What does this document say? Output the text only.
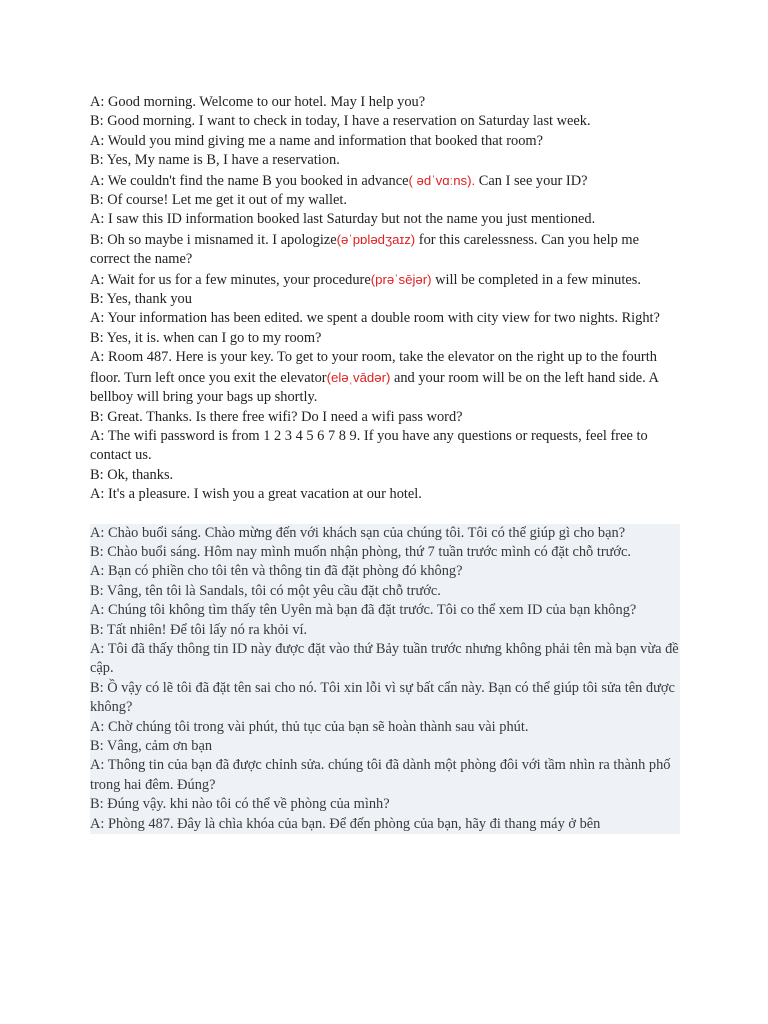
A: Good morning. Welcome to our hotel. May I help you?

B: Good morning. I want to check in today, I have a reservation on Saturday last week.

A: Would you mind giving me a name and information that booked that room?

B: Yes, My name is B, I have a reservation.

A: We couldn't find the name B you booked in advance( ədˈvɑːns). Can I see your ID?

B: Of course! Let me get it out of my wallet.

A: I saw this ID information booked last Saturday but not the name you just mentioned.

B: Oh so maybe i misnamed it. I apologize(əˈpɒlədʒaɪz) for this carelessness. Can you help me correct the name?

A: Wait for us for a few minutes, your procedure(prəˈsējər) will be completed in a few minutes.

B: Yes, thank you

A: Your information has been edited. we spent a double room with city view for two nights. Right?

B: Yes, it is. when can I go to my room?

A: Room 487. Here is your key. To get to your room, take the elevator on the right up to the fourth floor. Turn left once you exit the elevator(eləˌvādər) and your room will be on the left hand side. A bellboy will bring your bags up shortly.

B: Great. Thanks. Is there free wifi? Do I need a wifi pass word?

A: The wifi password is from 1 2 3 4 5 6 7 8 9. If you have any questions or requests, feel free to contact us.

B: Ok, thanks.

A: It's a pleasure. I wish you a great vacation at our hotel.

A: Chào buổi sáng. Chào mừng đến với khách sạn của chúng tôi. Tôi có thể giúp gì cho bạn?

B: Chào buổi sáng. Hôm nay mình muốn nhận phòng, thứ 7 tuần trước mình có đặt chỗ trước.

A: Bạn có phiền cho tôi tên và thông tin đã đặt phòng đó không?

B: Vâng, tên tôi là Sandals, tôi có một yêu cầu đặt chỗ trước.

A: Chúng tôi không tìm thấy tên Uyên mà bạn đã đặt trước. Tôi co thể xem ID của bạn không?

B: Tất nhiên! Để tôi lấy nó ra khỏi ví.

A: Tôi đã thấy thông tin ID này được đặt vào thứ Bảy tuần trước nhưng không phải tên mà bạn vừa đề cập.

B: Ồ vậy có lẽ tôi đã đặt tên sai cho nó. Tôi xin lỗi vì sự bất cẩn này. Bạn có thể giúp tôi sửa tên được không?

A: Chờ chúng tôi trong vài phút, thủ tục của bạn sẽ hoàn thành sau vài phút.

B: Vâng, cảm ơn bạn

A: Thông tin của bạn đã được chỉnh sửa. chúng tôi đã dành một phòng đôi với tầm nhìn ra thành phố trong hai đêm. Đúng?

B: Đúng vậy. khi nào tôi có thể về phòng của mình?

A: Phòng 487. Đây là chìa khóa của bạn. Để đến phòng của bạn, hãy đi thang máy ở bên
